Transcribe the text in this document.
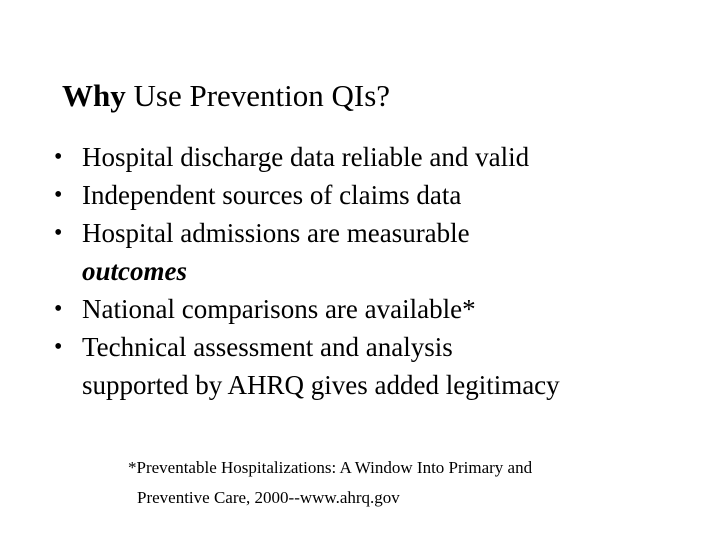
Why Use Prevention QIs?
• Hospital discharge data reliable and valid
• Independent sources of claims data
• Hospital admissions are measurable
outcomes
• National comparisons are available*
• Technical assessment and analysis
supported by AHRQ gives added legitimacy
*Preventable Hospitalizations: A Window Into Primary and
Preventive Care, 2000--www.ahrq.gov
